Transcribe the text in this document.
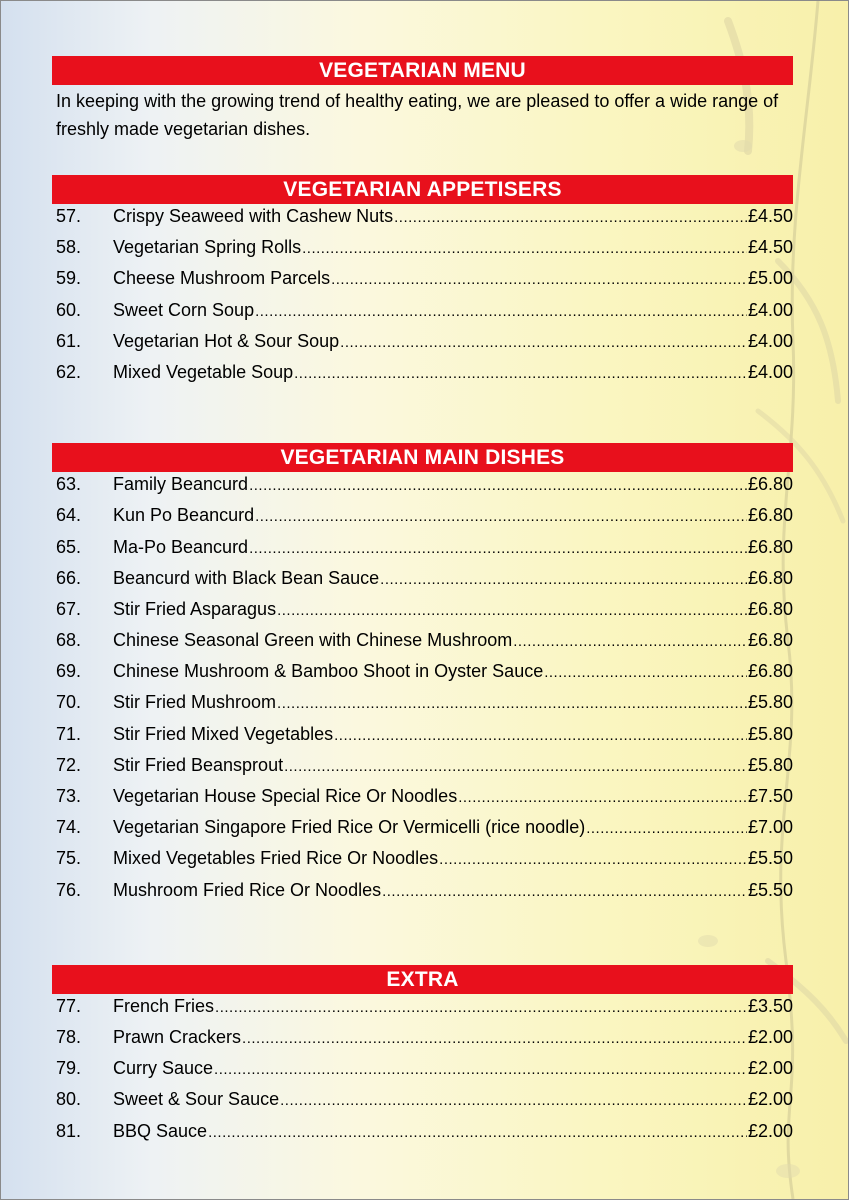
VEGETARIAN MENU
In keeping with the growing trend of healthy eating, we are pleased to offer a wide range of freshly made vegetarian dishes.
VEGETARIAN APPETISERS
57.	Crispy Seaweed with Cashew Nuts .....	£4.50
58.	Vegetarian Spring Rolls .....	£4.50
59.	Cheese Mushroom Parcels .....	£5.00
60.	Sweet Corn Soup .....	£4.00
61.	Vegetarian Hot & Sour Soup .....	£4.00
62.	Mixed Vegetable Soup .....	£4.00
VEGETARIAN MAIN DISHES
63.	Family Beancurd .....	£6.80
64.	Kun Po Beancurd .....	£6.80
65.	Ma-Po Beancurd .....	£6.80
66.	Beancurd with Black Bean Sauce .....	£6.80
67.	Stir Fried Asparagus .....	£6.80
68.	Chinese Seasonal Green with Chinese Mushroom .....	£6.80
69.	Chinese Mushroom & Bamboo Shoot in Oyster Sauce .....	£6.80
70.	Stir Fried Mushroom .....	£5.80
71.	Stir Fried Mixed Vegetables .....	£5.80
72.	Stir Fried Beansprout .....	£5.80
73.	Vegetarian House Special Rice Or Noodles .....	£7.50
74.	Vegetarian Singapore Fried Rice Or Vermicelli (rice noodle) .....	£7.00
75.	Mixed Vegetables Fried Rice Or Noodles .....	£5.50
76.	Mushroom Fried Rice Or Noodles .....	£5.50
EXTRA
77.	French Fries .....	£3.50
78.	Prawn Crackers .....	£2.00
79.	Curry Sauce .....	£2.00
80.	Sweet & Sour Sauce .....	£2.00
81.	BBQ Sauce .....	£2.00
